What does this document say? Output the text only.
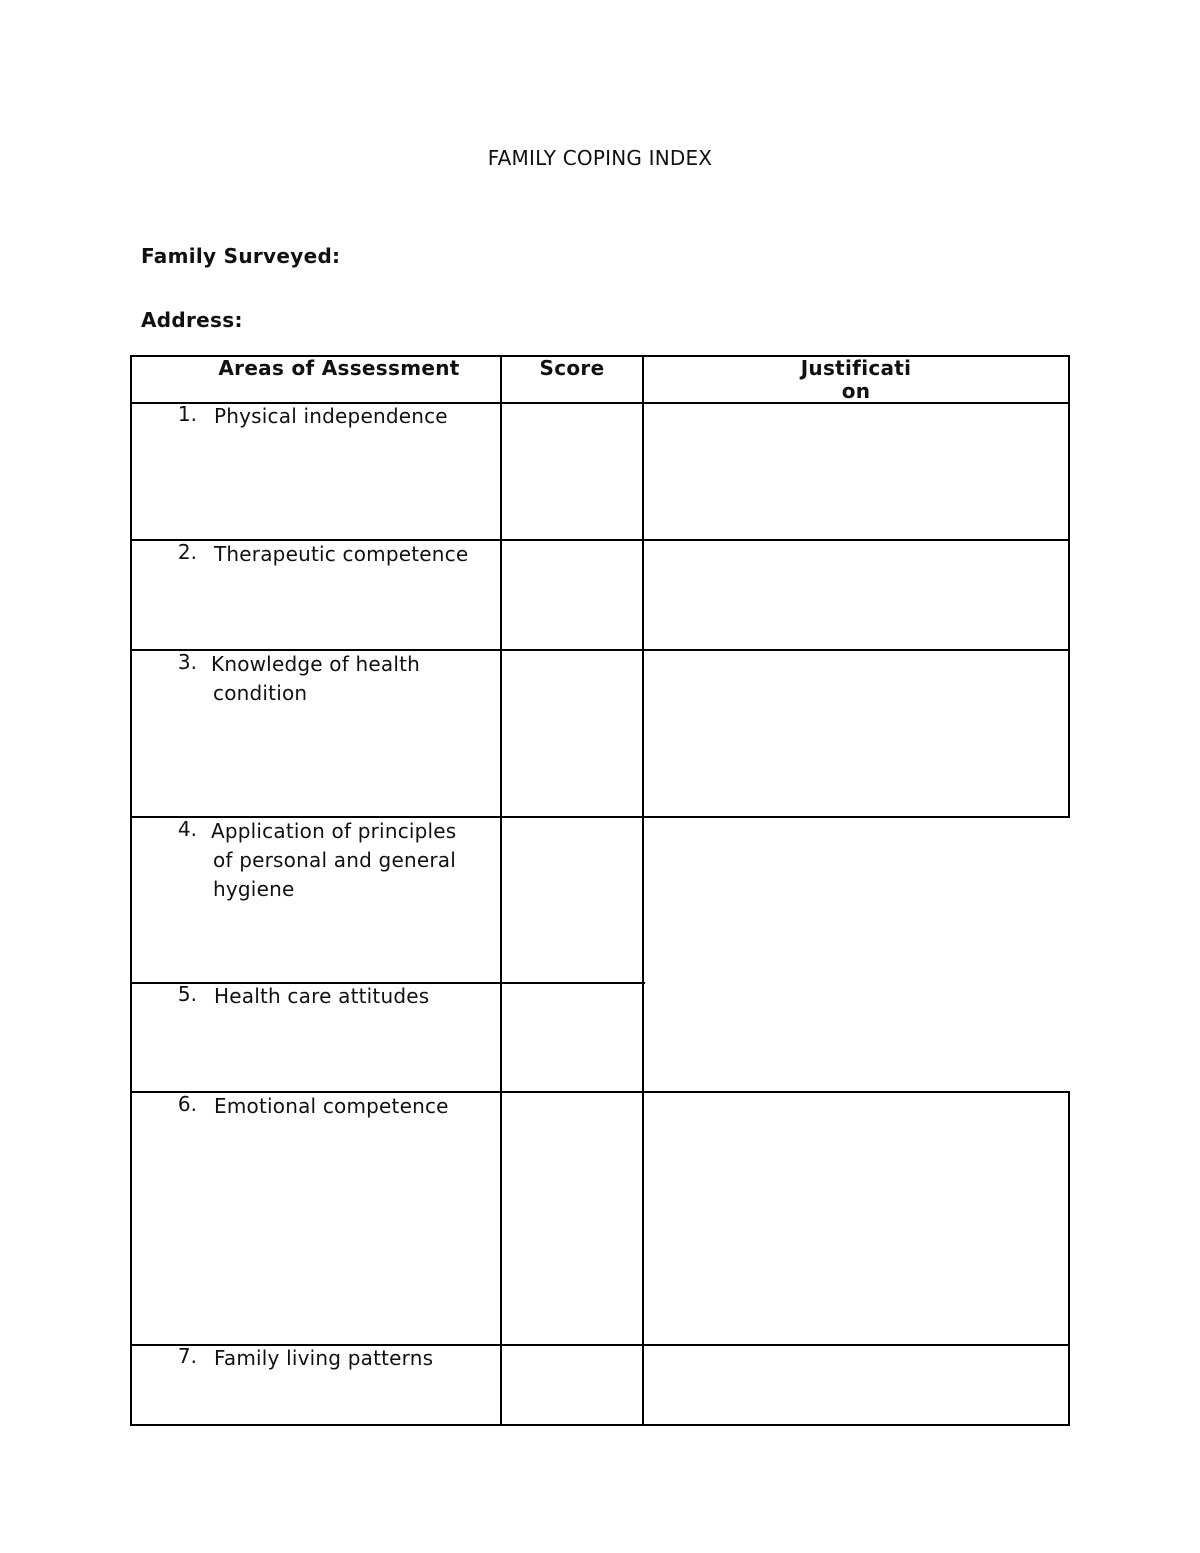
FAMILY COPING INDEX
Family Surveyed:
Address:
Areas of Assessment	Score	Justificati
on
1. Physical independence
2. Therapeutic competence
3. Knowledge of health
condition
4. Application of principles
of personal and general
hygiene
5. Health care attitudes
6. Emotional competence
7. Family living patterns
